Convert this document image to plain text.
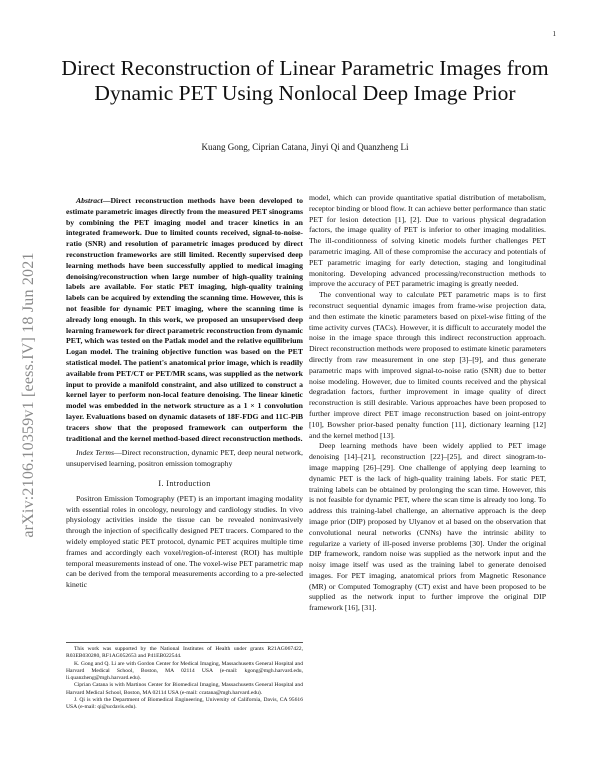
1
arXiv:2106.10359v1 [eess.IV] 18 Jun 2021
Direct Reconstruction of Linear Parametric Images from Dynamic PET Using Nonlocal Deep Image Prior
Kuang Gong, Ciprian Catana, Jinyi Qi and Quanzheng Li

Abstract—Direct reconstruction methods have been developed to estimate parametric images directly from the measured PET sinograms by combining the PET imaging model and tracer kinetics in an integrated framework. Due to limited counts received, signal-to-noise-ratio (SNR) and resolution of parametric images produced by direct reconstruction frameworks are still limited. Recently supervised deep learning methods have been successfully applied to medical imaging denoising/reconstruction when large number of high-quality training labels are available. For static PET imaging, high-quality training labels can be acquired by extending the scanning time. However, this is not feasible for dynamic PET imaging, where the scanning time is already long enough. In this work, we proposed an unsupervised deep learning framework for direct parametric reconstruction from dynamic PET, which was tested on the Patlak model and the relative equilibrium Logan model. The training objective function was based on the PET statistical model. The patient's anatomical prior image, which is readily available from PET/CT or PET/MR scans, was supplied as the network input to provide a manifold constraint, and also utilized to construct a kernel layer to perform non-local feature denoising. The linear kinetic model was embedded in the network structure as a 1 × 1 convolution layer. Evaluations based on dynamic datasets of 18F-FDG and 11C-PiB tracers show that the proposed framework can outperform the traditional and the kernel method-based direct reconstruction methods.

Index Terms—Direct reconstruction, dynamic PET, deep neural network, unsupervised learning, positron emission tomography

I. Introduction

Positron Emission Tomography (PET) is an important imaging modality with essential roles in oncology, neurology and cardiology studies. In vivo physiology activities inside the tissue can be revealed noninvasively through the injection of specifically designed PET tracers. Compared to the widely employed static PET protocol, dynamic PET acquires multiple time frames and accordingly each voxel/region-of-interest (ROI) has multiple temporal measurements instead of one. The voxel-wise PET parametric map can be derived from the temporal measurements according to a pre-selected kinetic

model, which can provide quantitative spatial distribution of metabolism, receptor binding or blood flow. It can achieve better performance than static PET for lesion detection [1], [2]. Due to various physical degradation factors, the image quality of PET is inferior to other imaging modalities. The ill-conditionness of solving kinetic models further challenges PET parametric imaging. All of these compromise the accuracy and potentials of PET parametric imaging for early detection, staging and longitudinal monitoring. Developing advanced processing/reconstruction methods to improve the accuracy of PET parametric imaging is greatly needed.

The conventional way to calculate PET parametric maps is to first reconstruct sequential dynamic images from frame-wise projection data, and then estimate the kinetic parameters based on pixel-wise fitting of the time activity curves (TACs). However, it is difficult to accurately model the noise in the image space through this indirect reconstruction approach. Direct reconstruction methods were proposed to estimate kinetic parameters directly from raw measurement in one step [3]–[9], and thus generate parametric maps with improved signal-to-noise ratio (SNR) due to better noise modeling. However, due to limited counts received and the physical degradation factors, further improvement in image quality of direct reconstruction is still desirable. Various approaches have been proposed to further improve direct PET image reconstruction based on joint-entropy [10], Bowsher prior-based penalty function [11], dictionary learning [12] and the kernel method [13].

Deep learning methods have been widely applied to PET image denoising [14]–[21], reconstruction [22]–[25], and direct sinogram-to-image mapping [26]–[29]. One challenge of applying deep learning to dynamic PET is the lack of high-quality training labels. For static PET, training labels can be obtained by prolonging the scan time. However, this is not feasible for dynamic PET, where the scan time is already too long. To address this training-label challenge, an alternative approach is the deep image prior (DIP) proposed by Ulyanov et al based on the observation that convolutional neural networks (CNNs) have the intrinsic ability to regularize a variety of ill-posed inverse problems [30]. Under the original DIP framework, random noise was supplied as the network input and the noisy image itself was used as the training label to generate denoised images. For PET imaging, anatomical priors from Magnetic Resonance (MR) or Computed Tomography (CT) exist and have been proposed to be supplied as the network input to further improve the original DIP framework [16], [31].

This work was supported by the National Institutes of Health under grants R21AG067422, R03EB030280, RF1AG052653 and P41EB022544.

K. Gong and Q. Li are with Gordon Center for Medical Imaging, Massachusetts General Hospital and Harvard Medical School, Boston, MA 02114 USA (e-mail: kgong@mgh.harvard.edu, li.quanzheng@mgh.harvard.edu).

Ciprian Catana is with Martinos Center for Biomedical Imaging, Massachusetts General Hospital and Harvard Medical School, Boston, MA 02114 USA (e-mail: ccatana@mgh.harvard.edu).

J. Qi is with the Department of Biomedical Engineering, University of California, Davis, CA 95616 USA (e-mail: qi@ucdavis.edu).
